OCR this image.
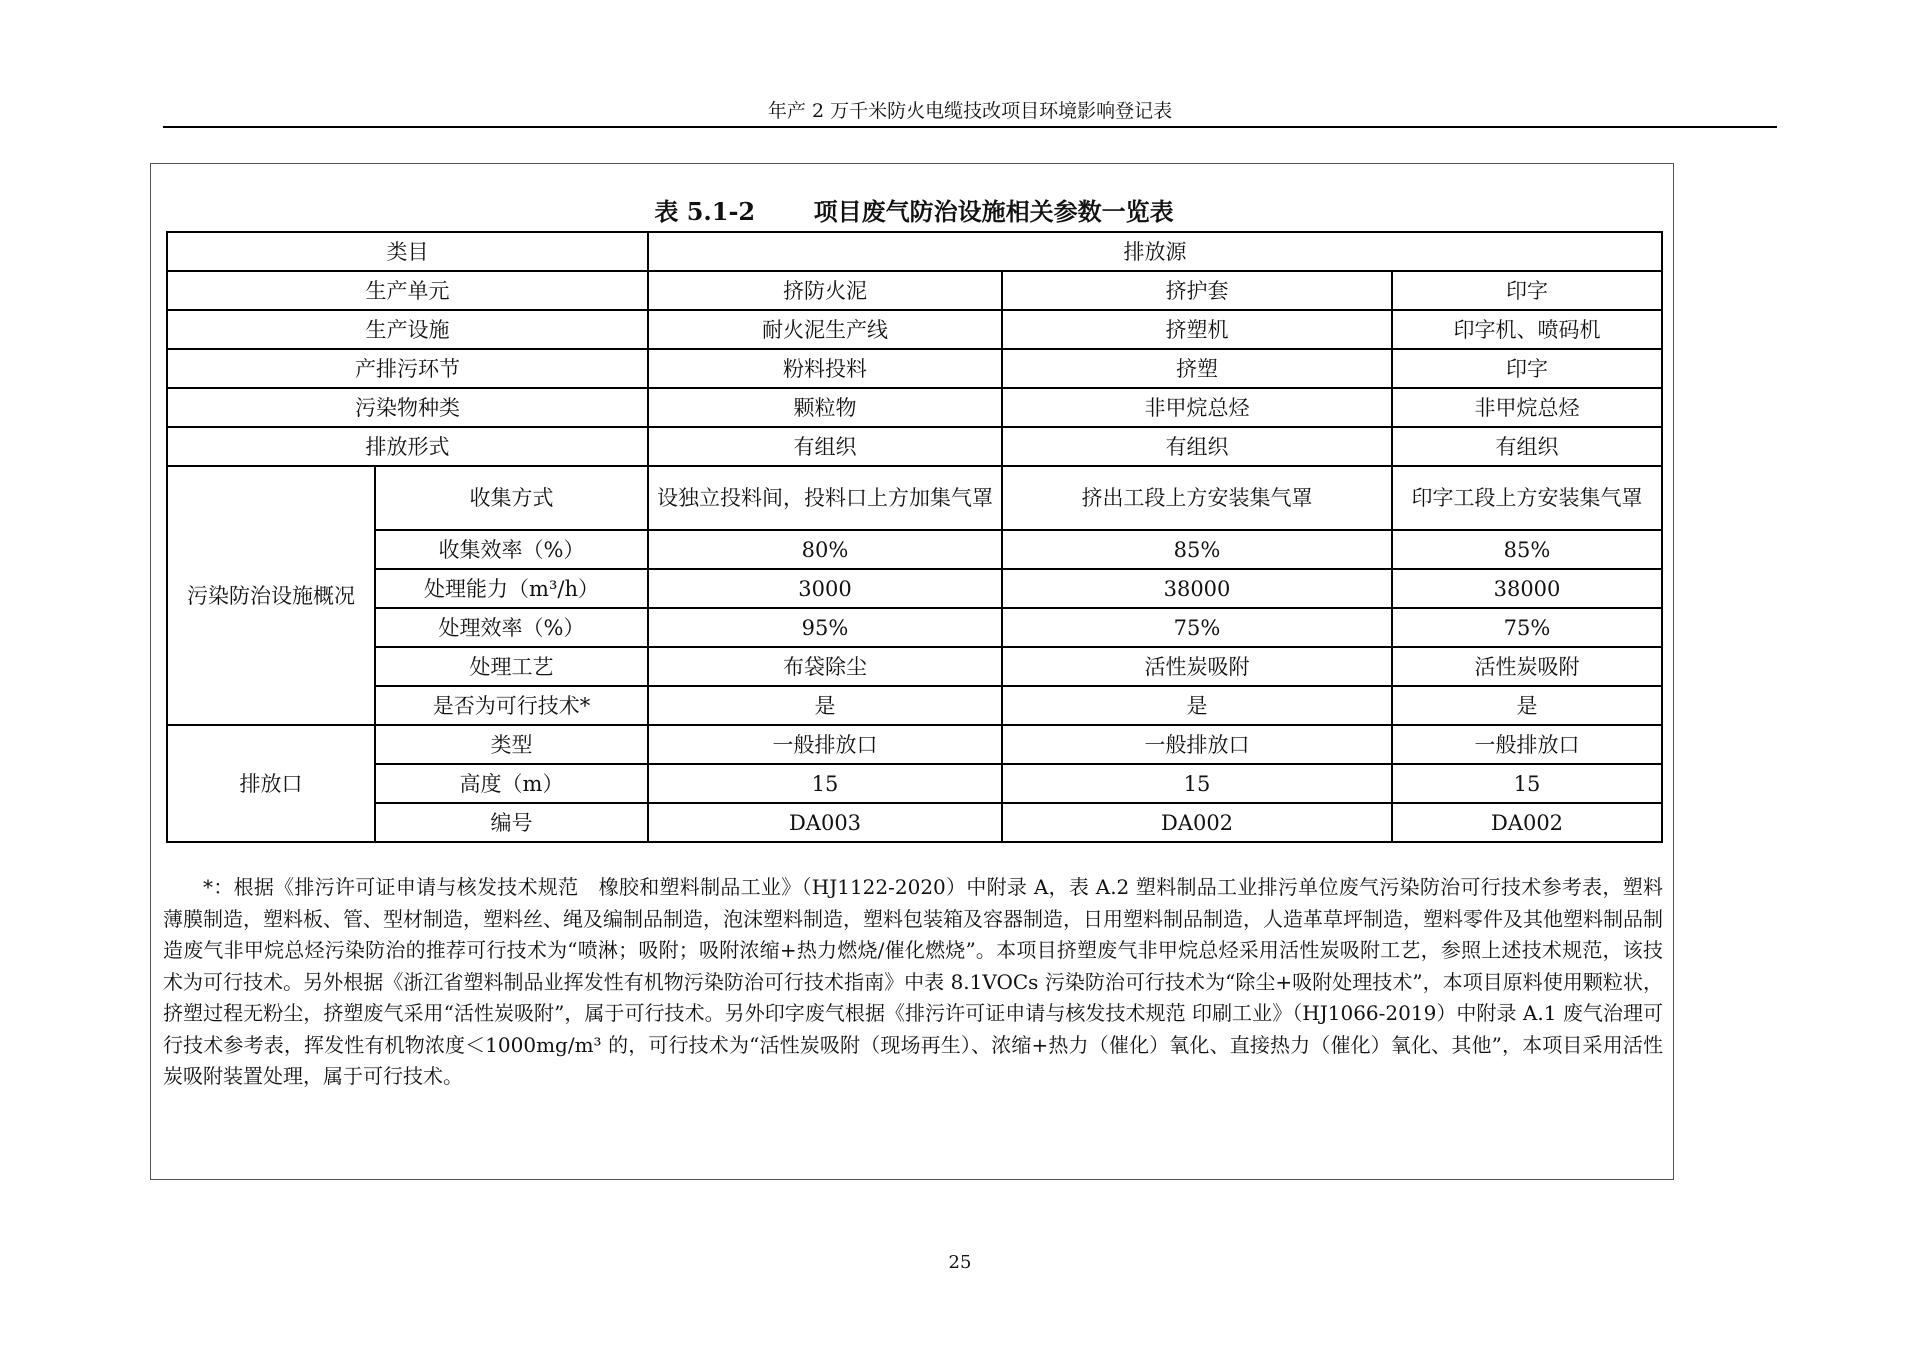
年产 2 万千米防火电缆技改项目环境影响登记表
表 5.1-2       项目废气防治设施相关参数一览表
类目		排放源		
生产单元		挤防火泥	挤护套	印字
生产设施		耐火泥生产线	挤塑机	印字机、喷码机
产排污环节		粉料投料	挤塑	印字
污染物种类		颗粒物	非甲烷总烃	非甲烷总烃
排放形式		有组织	有组织	有组织
污染防治设施概况	收集方式	设独立投料间，投料口上方加集气罩	挤出工段上方安装集气罩	印字工段上方安装集气罩
	收集效率（%）	80%	85%	85%
	处理能力（m³/h）	3000	38000	38000
	处理效率（%）	95%	75%	75%
	处理工艺	布袋除尘	活性炭吸附	活性炭吸附
	是否为可行技术*	是	是	是
排放口	类型	一般排放口	一般排放口	一般排放口
	高度（m）	15	15	15
	编号	DA003	DA002	DA002

*：根据《排污许可证申请与核发技术规范　橡胶和塑料制品工业》（HJ1122-2020）中附录 A，表 A.2 塑料制品工业排污单位废气污染防治可行技术参考表，塑料薄膜制造，塑料板、管、型材制造，塑料丝、绳及编制品制造，泡沫塑料制造，塑料包装箱及容器制造，日用塑料制品制造，人造革草坪制造，塑料零件及其他塑料制品制造废气非甲烷总烃污染防治的推荐可行技术为“喷淋；吸附；吸附浓缩+热力燃烧/催化燃烧”。本项目挤塑废气非甲烷总烃采用活性炭吸附工艺，参照上述技术规范，该技术为可行技术。另外根据《浙江省塑料制品业挥发性有机物污染防治可行技术指南》中表 8.1VOCs 污染防治可行技术为“除尘+吸附处理技术”，本项目原料使用颗粒状，挤塑过程无粉尘，挤塑废气采用“活性炭吸附”，属于可行技术。另外印字废气根据《排污许可证申请与核发技术规范 印刷工业》（HJ1066-2019）中附录 A.1 废气治理可行技术参考表，挥发性有机物浓度＜1000mg/m³ 的，可行技术为“活性炭吸附（现场再生）、浓缩+热力（催化）氧化、直接热力（催化）氧化、其他”，本项目采用活性炭吸附装置处理，属于可行技术。

25
